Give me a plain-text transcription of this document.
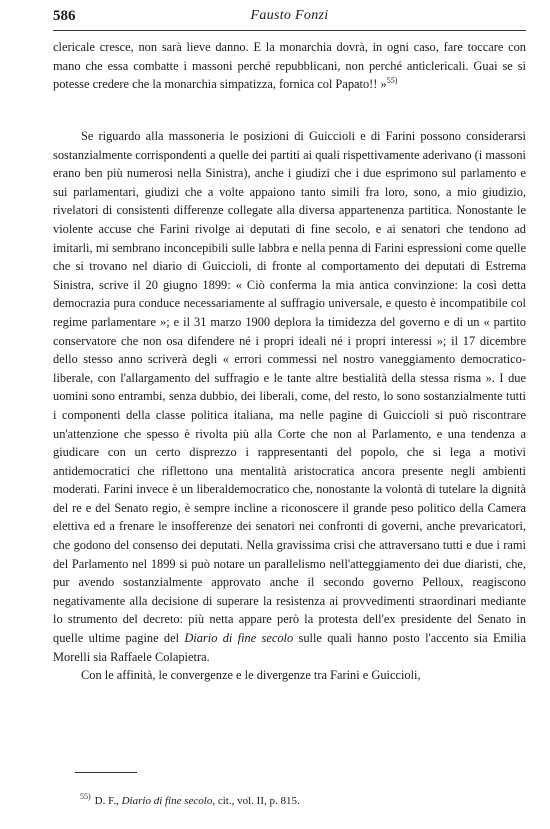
586	Fausto Fonzi

clericale cresce, non sarà lieve danno. E la monarchia dovrà, in ogni caso, fare toccare con mano che essa combatte i massoni perché repubblicani, non perché anticlericali. Guai se si potesse credere che la monarchia simpatizza, fornica col Papato!! »$^{55)}$

Se riguardo alla massoneria le posizioni di Guiccioli e di Farini possono considerarsi sostanzialmente corrispondenti a quelle dei partiti ai quali rispettivamente aderivano (i massoni erano ben più numerosi nella Sinistra), anche i giudizi che i due esprimono sul parlamento e sui parlamentari, giudizi che a volte appaiono tanto simili fra loro, sono, a mio giudizio, rivelatori di consistenti differenze collegate alla diversa appartenenza partitica. Nonostante le violente accuse che Farini rivolge ai deputati di fine secolo, e ai senatori che tendono ad imitarli, mi sembrano inconcepibili sulle labbra e nella penna di Farini espressioni come quelle che si trovano nel diario di Guiccioli, di fronte al comportamento dei deputati di Estrema Sinistra, scrive il 20 giugno 1899: « Ciò conferma la mia antica convinzione: la così detta democrazia pura conduce necessariamente al suffragio universale, e questo è incompatibile col regime parlamentare »; e il 31 marzo 1900 deplora la timidezza del governo e di un « partito conservatore che non osa difendere né i propri ideali né i propri interessi »; il 17 dicembre dello stesso anno scriverà degli « errori commessi nel nostro vaneggiamento democratico-liberale, con l'allargamento del suffragio e le tante altre bestialità della stessa risma ». I due uomini sono entrambi, senza dubbio, dei liberali, come, del resto, lo sono sostanzialmente tutti i componenti della classe politica italiana, ma nelle pagine di Guiccioli si può riscontrare un'attenzione che spesso è rivolta più alla Corte che non al Parlamento, e una tendenza a giudicare con un certo disprezzo i rappresentanti del popolo, che si lega a motivi antidemocratici che riflettono una mentalità aristocratica ancora presente negli ambienti moderati. Farini invece è un liberaldemocratico che, nonostante la volontà di tutelare la dignità del re e del Senato regio, è sempre incline a riconoscere il grande peso politico della Camera elettiva ed a frenare le insofferenze dei senatori nei confronti di governi, anche prevaricatori, che godono del consenso dei deputati. Nella gravissima crisi che attraversano tutti e due i rami del Parlamento nel 1899 si può notare un parallelismo nell'atteggiamento dei due diaristi, che, pur avendo sostanzialmente approvato anche il secondo governo Pelloux, reagiscono negativamente alla decisione di superare la resistenza ai provvedimenti straordinari mediante lo strumento del decreto: più netta appare però la protesta dell'ex presidente del Senato in quelle ultime pagine del Diario di fine secolo sulle quali hanno posto l'accento sia Emilia Morelli sia Raffaele Colapietra.

Con le affinità, le convergenze e le divergenze tra Farini e Guiccioli,

$^{55)}$ D. F., Diario di fine secolo, cit., vol. II, p. 815.
